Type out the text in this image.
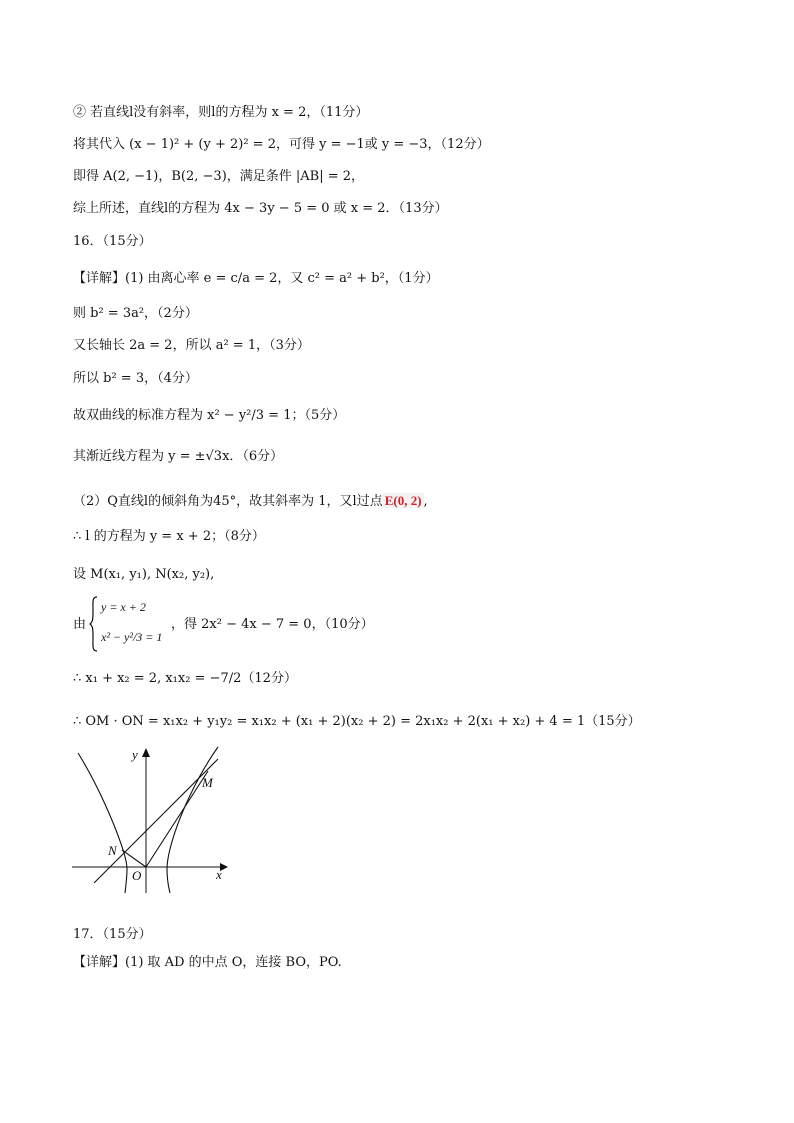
② 若直线l没有斜率，则l的方程为 x = 2，（11分）
将其代入 (x − 1)² + (y + 2)² = 2，可得 y = −1或 y = −3，（12分）
即得 A(2, −1)，B(2, −3)，满足条件 |AB| = 2，
综上所述，直线l的方程为 4x − 3y − 5 = 0 或 x = 2．（13分）
16．（15分）
【详解】(1) 由离心率 e = c/a = 2，又 c² = a² + b²，（1分）
则 b² = 3a²，（2分）
又长轴长 2a = 2，所以 a² = 1，（3分）
所以 b² = 3，（4分）
故双曲线的标准方程为 x² − y²/3 = 1；（5分）
其渐近线方程为 y = ±√3x．（6分）
（2）Q直线l的倾斜角为45°，故其斜率为 1，又l过点 E(0, 2) ,
∴ l 的方程为 y = x + 2；（8分）
设 M(x₁, y₁), N(x₂, y₂),
由
y = x + 2
x² − y²/3 = 1
，得 2x² − 4x − 7 = 0，（10分）
∴ x₁ + x₂ = 2, x₁x₂ = −7/2（12分）
∴ OM · ON = x₁x₂ + y₁y₂ = x₁x₂ + (x₁ + 2)(x₂ + 2) = 2x₁x₂ + 2(x₁ + x₂) + 4 = 1（15分）
y
x
O
M
N
17．（15分）
【详解】(1) 取 AD 的中点 O，连接 BO，PO.
